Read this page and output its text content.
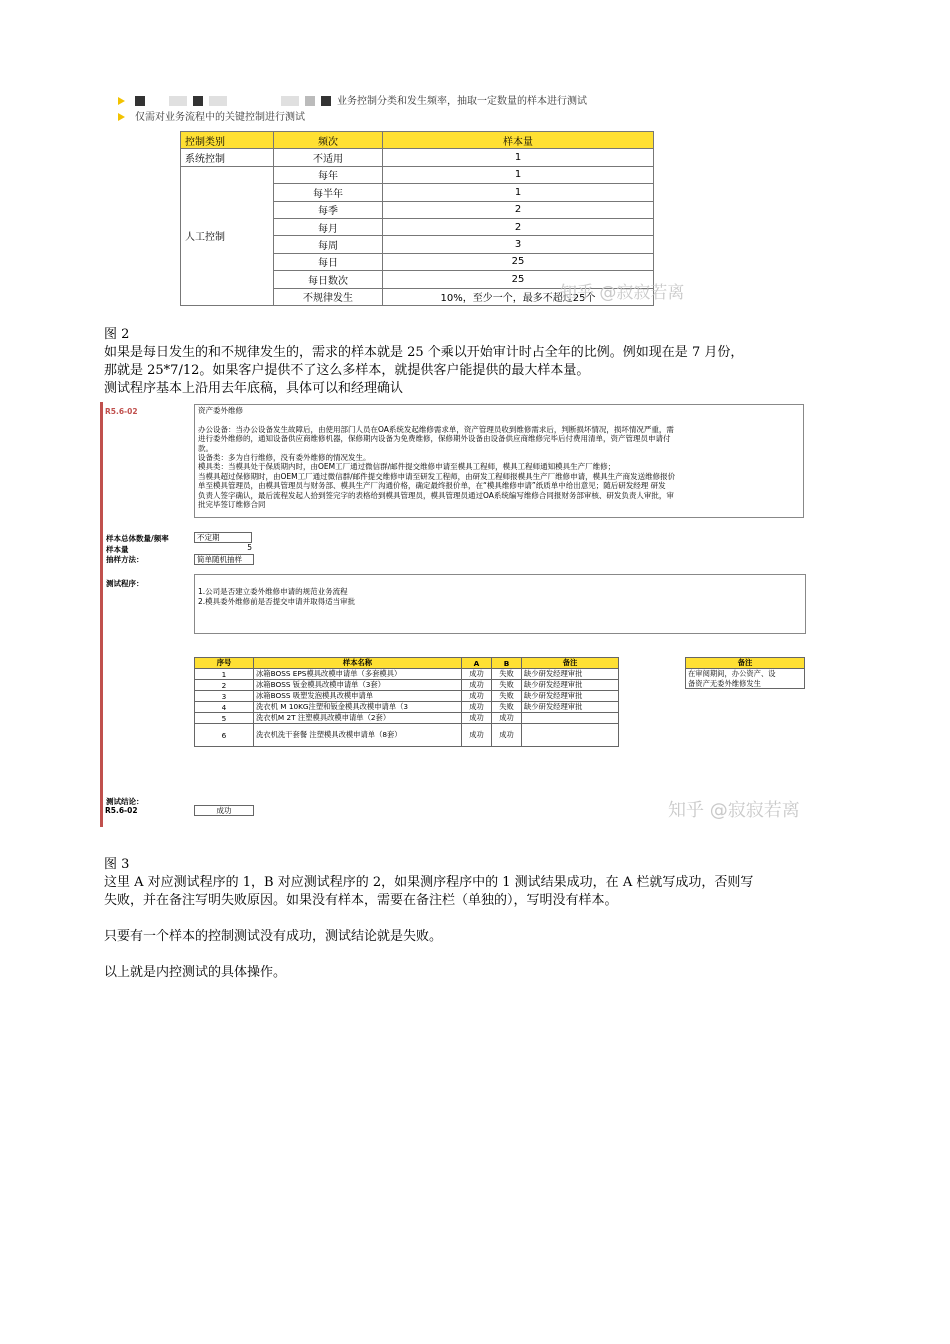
业务控制分类和发生频率，抽取一定数量的样本进行测试
仅需对业务流程中的关键控制进行测试
控制类别	频次	样本量
系统控制	不适用	1
人工控制	每年	1
	每半年	1
	每季	2
	每月	2
	每周	3
	每日	25
	每日数次	25
	不规律发生	10%，至少一个，最多不超过25个
知乎 @寂寂若离
图 2
如果是每日发生的和不规律发生的，需求的样本就是 25 个乘以开始审计时占全年的比例。例如现在是 7 月份，
那就是 25*7/12。如果客户提供不了这么多样本，就提供客户能提供的最大样本量。
测试程序基本上沿用去年底稿，具体可以和经理确认
R5.6-02	资产委外维修

办公设备：当办公设备发生故障后，由使用部门人员在OA系统发起维修需求单，资产管理员收到维修需求后，判断损坏情况，损坏情况严重，需

进行委外维修的，通知设备供应商维修机器，保修期内设备为免费维修，保修期外设备由设备供应商维修完毕后付费用清单，资产管理员申请付

款。

设备类：多为自行维修，没有委外维修的情况发生。

模具类：当模具处于保质期内时，由OEM工厂通过微信群/邮件提交维修申请至模具工程师，模具工程师通知模具生产厂维修；

当模具超过保修期时，由OEM工厂通过微信群/邮件提交维修申请至研发工程师，由研发工程师报模具生产厂维修申请，模具生产商发送维修报价

单至模具管理员，由模具管理员与财务部、模具生产厂沟通价格，确定最终报价单，在“模具维修申请”纸质单中给出意见；随后研发经理 研发

负责人签字确认，最后流程发起人拾到签完字的表格给到模具管理员，模具管理员通过OA系统编写维修合同报财务部审核、研发负责人审批，审

批完毕签订维修合同

样本总体数量/频率	不定期
样本量	5
抽样方法：	简单随机抽样
测试程序：
1.公司是否建立委外维修申请的规范业务流程
2.模具委外维修前是否提交申请并取得适当审批
序号	样本名称	A	B	备注
1	冰箱BOSS EPS模具改模申请单（多套模具）	成功	失败	缺少研发经理审批
2	冰箱BOSS 钣金模具改模申请单（3套）	成功	失败	缺少研发经理审批
3	冰箱BOSS 吸塑发泡模具改模申请单	成功	失败	缺少研发经理审批
4	洗衣机 M 10KG注塑和钣金模具改模申请单（3	成功	失败	缺少研发经理审批
5	洗衣机M 2T 注塑模具改模申请单（2套）	成功	成功	
6	洗衣机洗干套餐 注塑模具改模申请单（8套）	成功	成功	
备注

在审阅期间，办公资产、设
备资产无委外维修发生
测试结论：
R5.6-02	成功	知乎 @寂寂若离
图 3
这里 A 对应测试程序的 1，B 对应测试程序的 2，如果测序程序中的 1 测试结果成功，在 A 栏就写成功，否则写
失败，并在备注写明失败原因。如果没有样本，需要在备注栏（单独的），写明没有样本。
只要有一个样本的控制测试没有成功，测试结论就是失败。
以上就是内控测试的具体操作。
